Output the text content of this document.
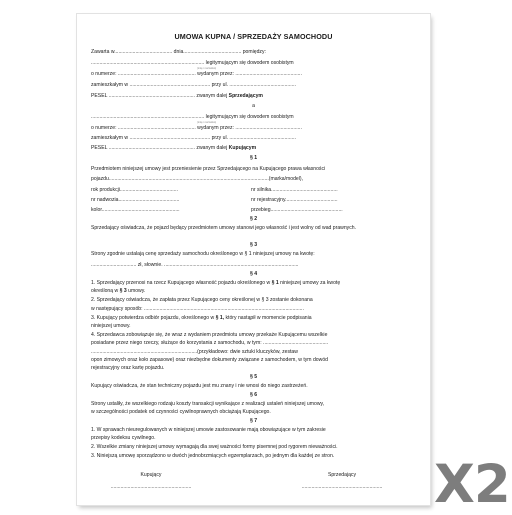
UMOWA KUPNA / SPRZEDAŻY SAMOCHODU
Zawarta w......................................... dnia......................................... pomiędzy:
(imię i nazwisko)
................................................................................ legitymującym się dowodem osobistym
o numerze: ....................................................... wydanym przez: ...............................................
zamieszkałym w ......................................................... przy ul. ...............................................
PESEL ............................................................. zwanym dalej Sprzedającym
a
(imię i nazwisko)
................................................................................ legitymującym się dowodem osobistym
o numerze: ....................................................... wydanym przez: ...............................................
zamieszkałym w ......................................................... przy ul. ...............................................
PESEL ............................................................. zwanym dalej Kupującym
§ 1
Przedmiotem niniejszej umowy jest przeniesienie przez Sprzedającego na Kupującego prawa własności
pojazdu.................................................................................................................(marka/model),
rok produkcji.........................................	nr silnika...............................................
nr nadwozia...........................................	nr rejestracyjny.....................................
kolor.......................................................	przebieg...................................................
§ 2
Sprzedający oświadcza, że pojazd będący przedmiotem umowy stanowi jego własność i jest wolny od wad prawnych.
§ 3
Strony zgodnie ustalają cenę sprzedaży samochodu określonego w § 1 niniejszej umowy na kwotę:
................................ zł, słownie. ...............................................................................................
§ 4
1. Sprzedający przenosi na rzecz Kupującego własność pojazdu określonego w § 1 niniejszej umowy za kwotę
określoną w § 3 umowy.
2. Sprzedający oświadcza, że zapłata przez Kupującego ceny określonej w § 3 zostanie dokonana
w następujący sposób: .................................................................................................................
3. Kupujący potwierdza odbiór pojazdu, określonego w § 1, który nastąpił w momencie podpisania
niniejszej umowy.
4. Sprzedawca zobowiązuje się, że wraz z wydaniem przedmiotu umowy przekaże Kupującemu wszelkie
posiadane przez niego rzeczy, służące do korzystania z samochodu, w tym: ..............................................
...........................................................................(przykładowo: dwie sztuki kluczyków, zestaw
opon zimowych oraz koło zapasowe) oraz niezbędne dokumenty związane z samochodem, w tym dowód
rejestracyjny oraz kartę pojazdu.
§ 5
Kupujący oświadcza, że stan techniczny pojazdu jest mu znany i nie wnosi do niego zastrzeżeń.
§ 6
Strony ustaliły, że wszelkiego rodzaju koszty transakcji wynikające z realizacji ustaleń niniejszej umowy,
w szczególności podatek od czynności cywilnoprawnych obciążają Kupującego.
§ 7
1. W sprawach nieuregulowanych w niniejszej umowie zastosowanie mają obowiązujące w tym zakresie
przepisy kodeksu cywilnego.
2. Wszelkie zmiany niniejszej umowy wymagają dla swej ważności formy pisemnej pod rygorem nieważności.
3. Niniejszą umowę sporządzono w dwóch jednobrzmiących egzemplarzach, po jednym dla każdej ze stron.
Kupujący	Sprzedający
.........................................................	......................................................... X2
